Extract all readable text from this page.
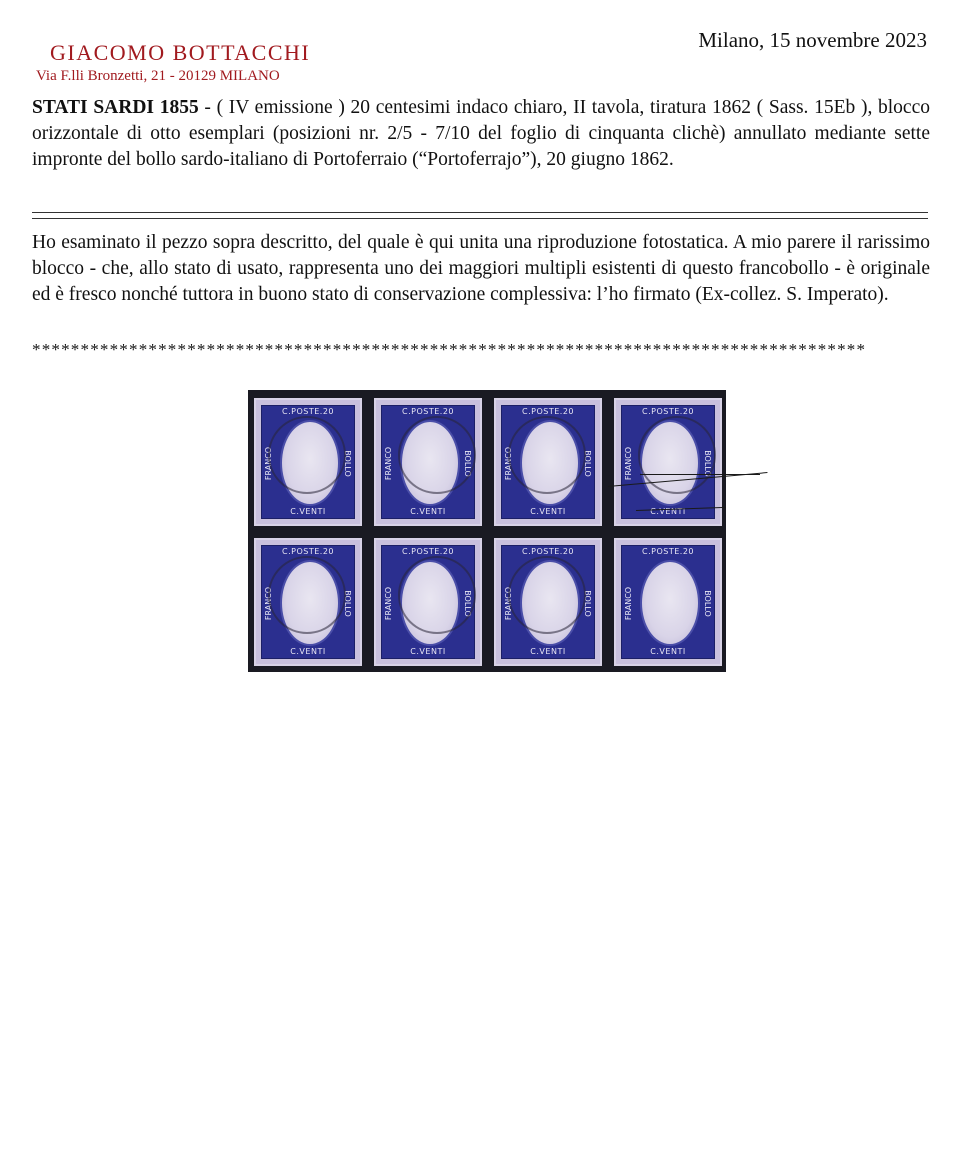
GIACOMO BOTTACCHI
Via F.lli Bronzetti, 21 - 20129 MILANO
Milano, 15 novembre 2023
STATI SARDI 1855 - ( IV emissione ) 20 centesimi indaco chiaro, II tavola, tiratura 1862 ( Sass. 15Eb ), blocco orizzontale di otto esemplari (posizioni nr. 2/5 - 7/10 del foglio di cinquanta clichè) annullato mediante sette impronte del bollo sardo-italiano di Portoferraio (“Portoferrajo”), 20 giugno 1862.
Ho esaminato il pezzo sopra descritto, del quale è qui unita una riproduzione fotostatica. A mio parere il rarissimo blocco - che, allo stato di usato, rappresenta uno dei maggiori multipli esistenti di questo francobollo - è originale ed è fresco nonché tuttora in buono stato di conservazione complessiva: l’ho firmato (Ex-collez. S. Imperato).
**************************************************************************************
C.POSTE.20
FRANCO	BOLLO
C.VENTI
C.POSTE.20
FRANCO	BOLLO
C.VENTI
C.POSTE.20
FRANCO	BOLLO
C.VENTI
C.POSTE.20
FRANCO	BOLLO
C.VENTI
C.POSTE.20
FRANCO	BOLLO
C.VENTI
C.POSTE.20
FRANCO	BOLLO
C.VENTI
C.POSTE.20
FRANCO	BOLLO
C.VENTI
C.POSTE.20
FRANCO	BOLLO
C.VENTI
